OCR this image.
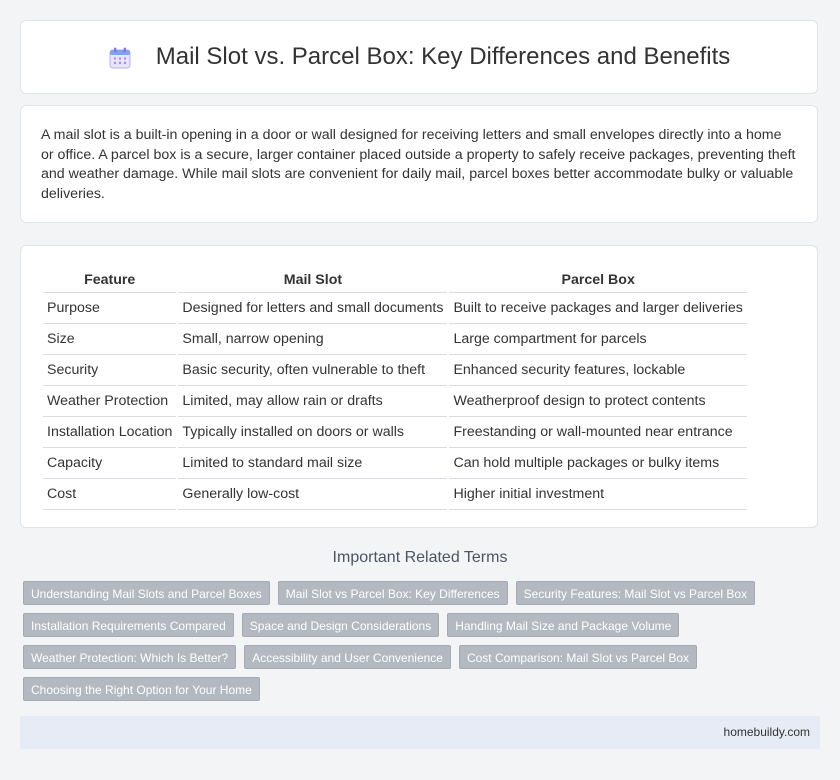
Mail Slot vs. Parcel Box: Key Differences and Benefits

A mail slot is a built-in opening in a door or wall designed for receiving letters and small envelopes directly into a home or office. A parcel box is a secure, larger container placed outside a property to safely receive packages, preventing theft and weather damage. While mail slots are convenient for daily mail, parcel boxes better accommodate bulky or valuable deliveries.

Feature	Mail Slot	Parcel Box
Purpose	Designed for letters and small documents	Built to receive packages and larger deliveries
Size	Small, narrow opening	Large compartment for parcels
Security	Basic security, often vulnerable to theft	Enhanced security features, lockable
Weather Protection	Limited, may allow rain or drafts	Weatherproof design to protect contents
Installation Location	Typically installed on doors or walls	Freestanding or wall-mounted near entrance
Capacity	Limited to standard mail size	Can hold multiple packages or bulky items
Cost	Generally low-cost	Higher initial investment
Important Related Terms
Understanding Mail Slots and Parcel Boxes	Mail Slot vs Parcel Box: Key Differences	Security Features: Mail Slot vs Parcel Box
Installation Requirements Compared	Space and Design Considerations	Handling Mail Size and Package Volume
Weather Protection: Which Is Better?	Accessibility and User Convenience	Cost Comparison: Mail Slot vs Parcel Box
Choosing the Right Option for Your Home
homebuildy.com
